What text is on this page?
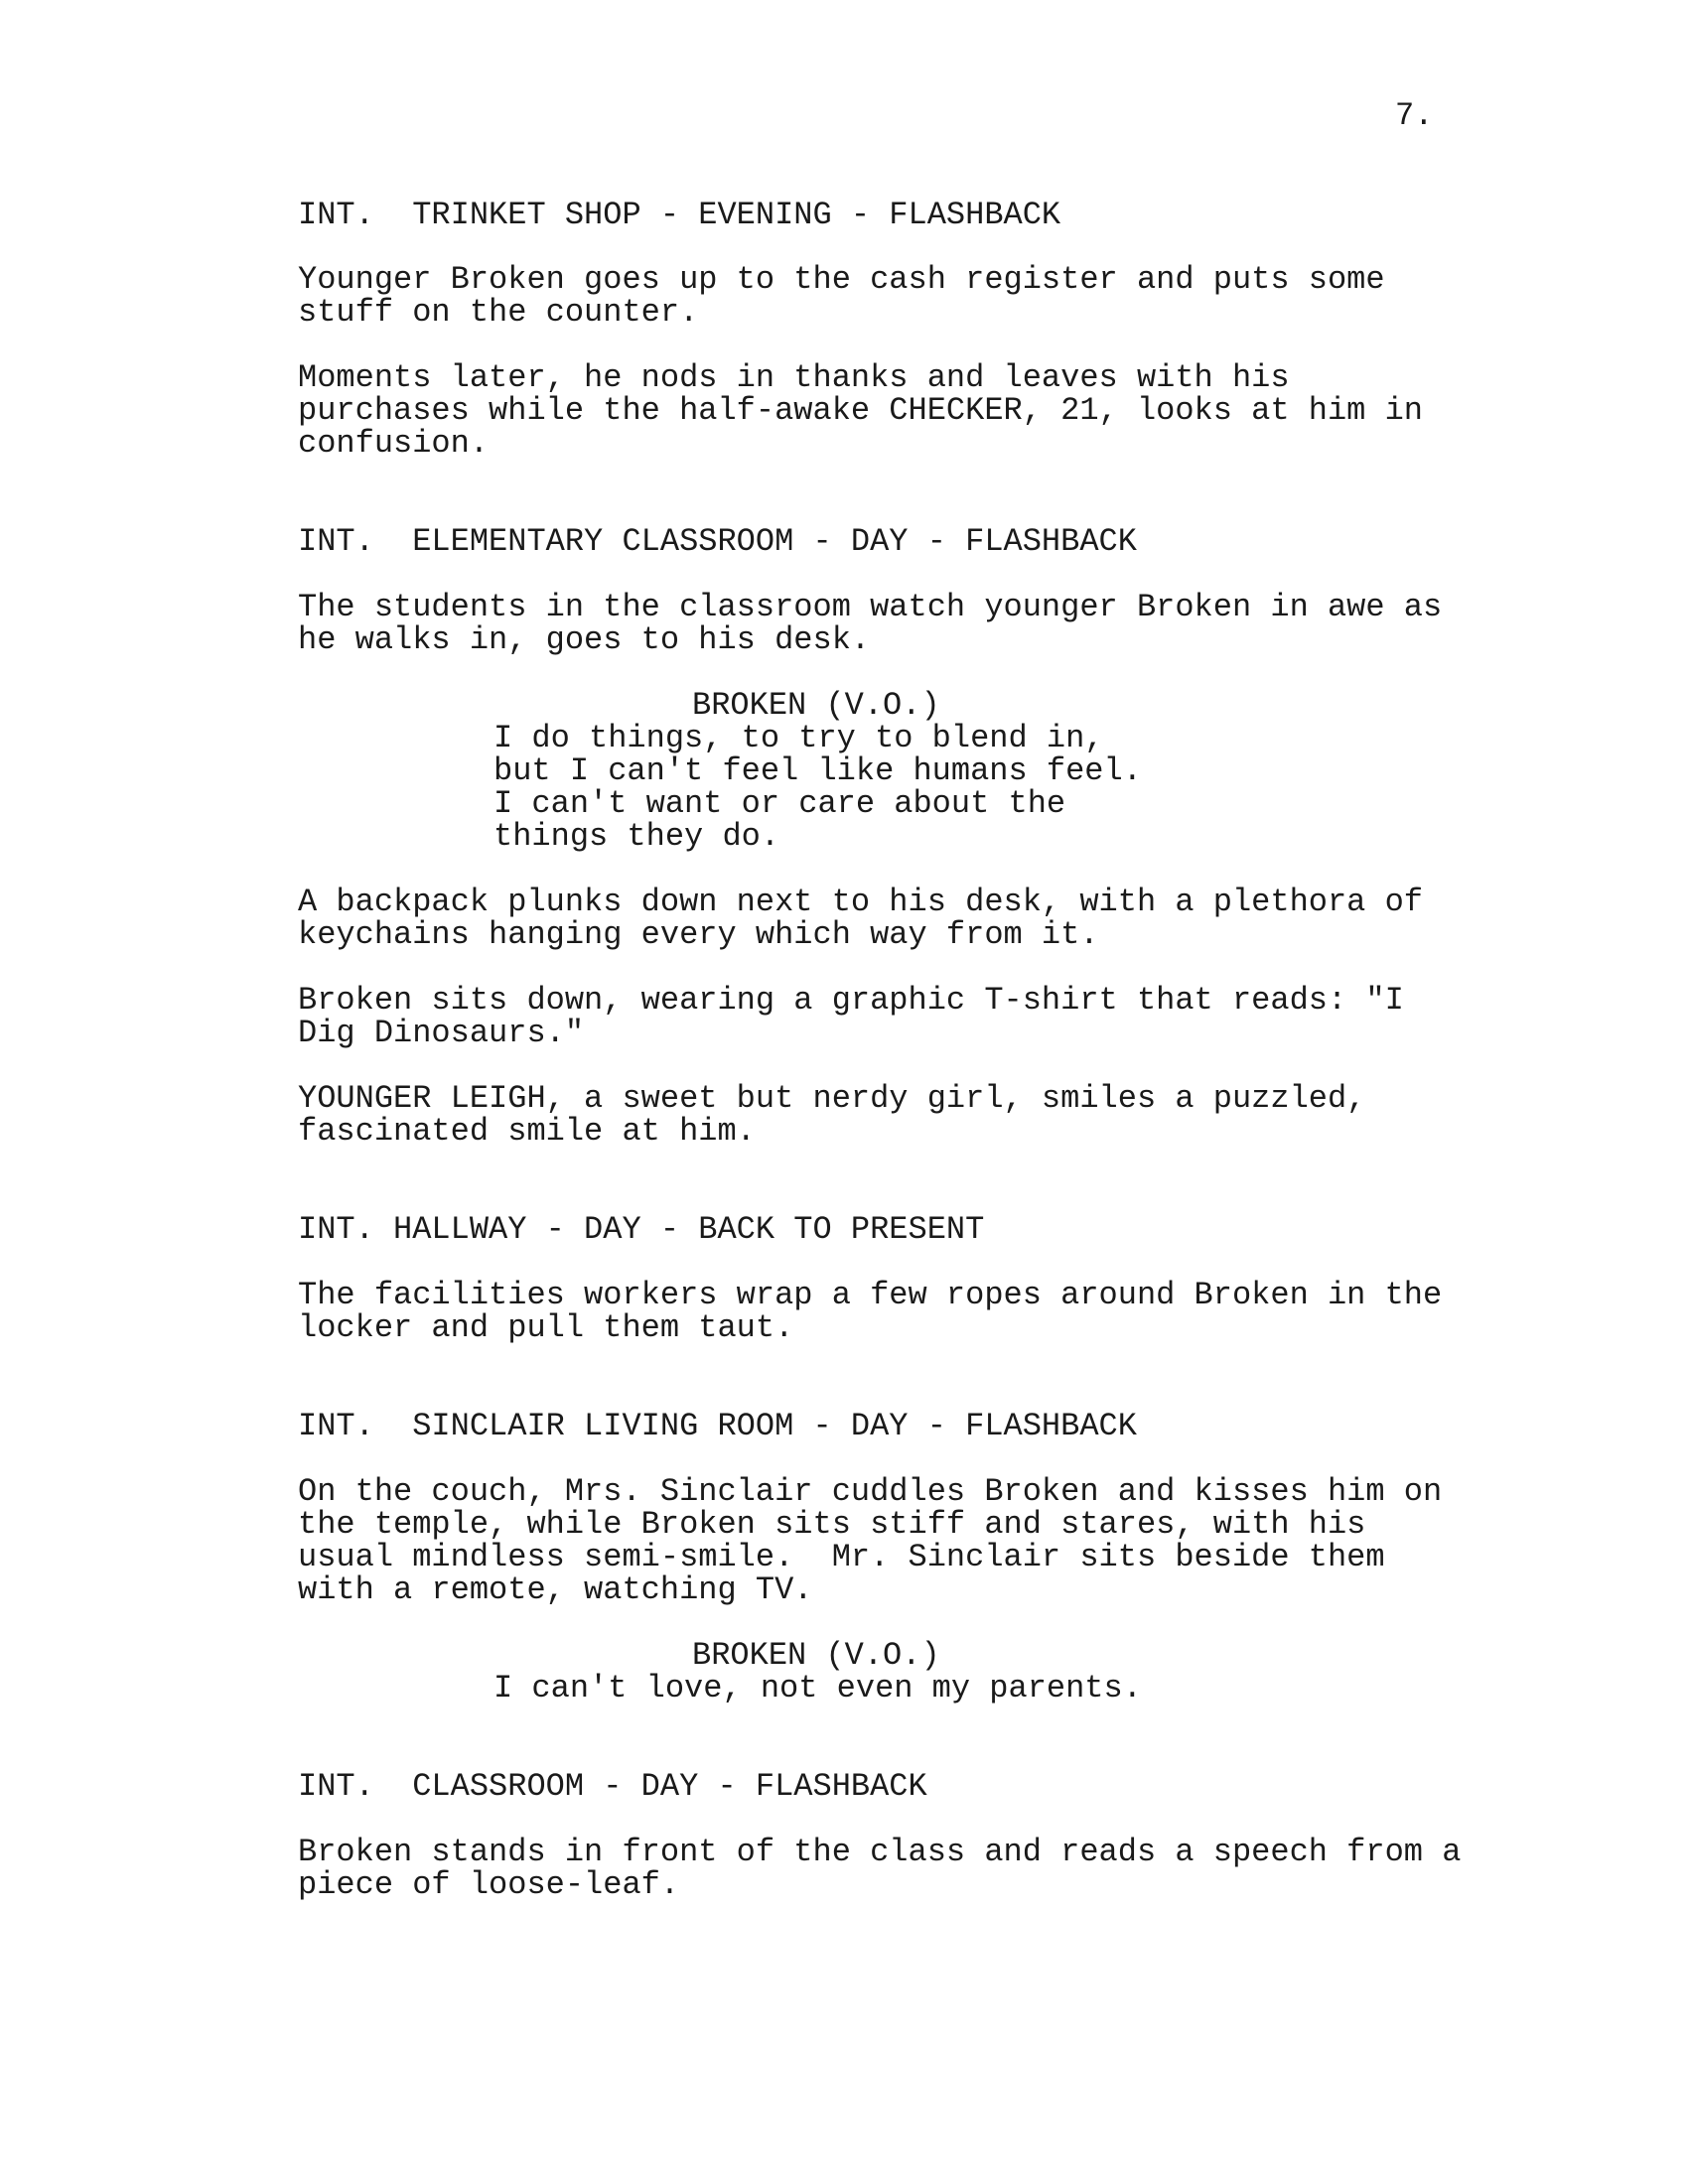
7.
INT.  TRINKET SHOP - EVENING - FLASHBACK
Younger Broken goes up to the cash register and puts some
stuff on the counter.
Moments later, he nods in thanks and leaves with his
purchases while the half-awake CHECKER, 21, looks at him in
confusion.
INT.  ELEMENTARY CLASSROOM - DAY - FLASHBACK
The students in the classroom watch younger Broken in awe as
he walks in, goes to his desk.
BROKEN (V.O.)
I do things, to try to blend in,
but I can't feel like humans feel.
I can't want or care about the
things they do.
A backpack plunks down next to his desk, with a plethora of
keychains hanging every which way from it.
Broken sits down, wearing a graphic T-shirt that reads: "I
Dig Dinosaurs."
YOUNGER LEIGH, a sweet but nerdy girl, smiles a puzzled,
fascinated smile at him.
INT. HALLWAY - DAY - BACK TO PRESENT
The facilities workers wrap a few ropes around Broken in the
locker and pull them taut.
INT.  SINCLAIR LIVING ROOM - DAY - FLASHBACK
On the couch, Mrs. Sinclair cuddles Broken and kisses him on
the temple, while Broken sits stiff and stares, with his
usual mindless semi-smile.  Mr. Sinclair sits beside them
with a remote, watching TV.
BROKEN (V.O.)
I can't love, not even my parents.
INT.  CLASSROOM - DAY - FLASHBACK
Broken stands in front of the class and reads a speech from a
piece of loose-leaf.
